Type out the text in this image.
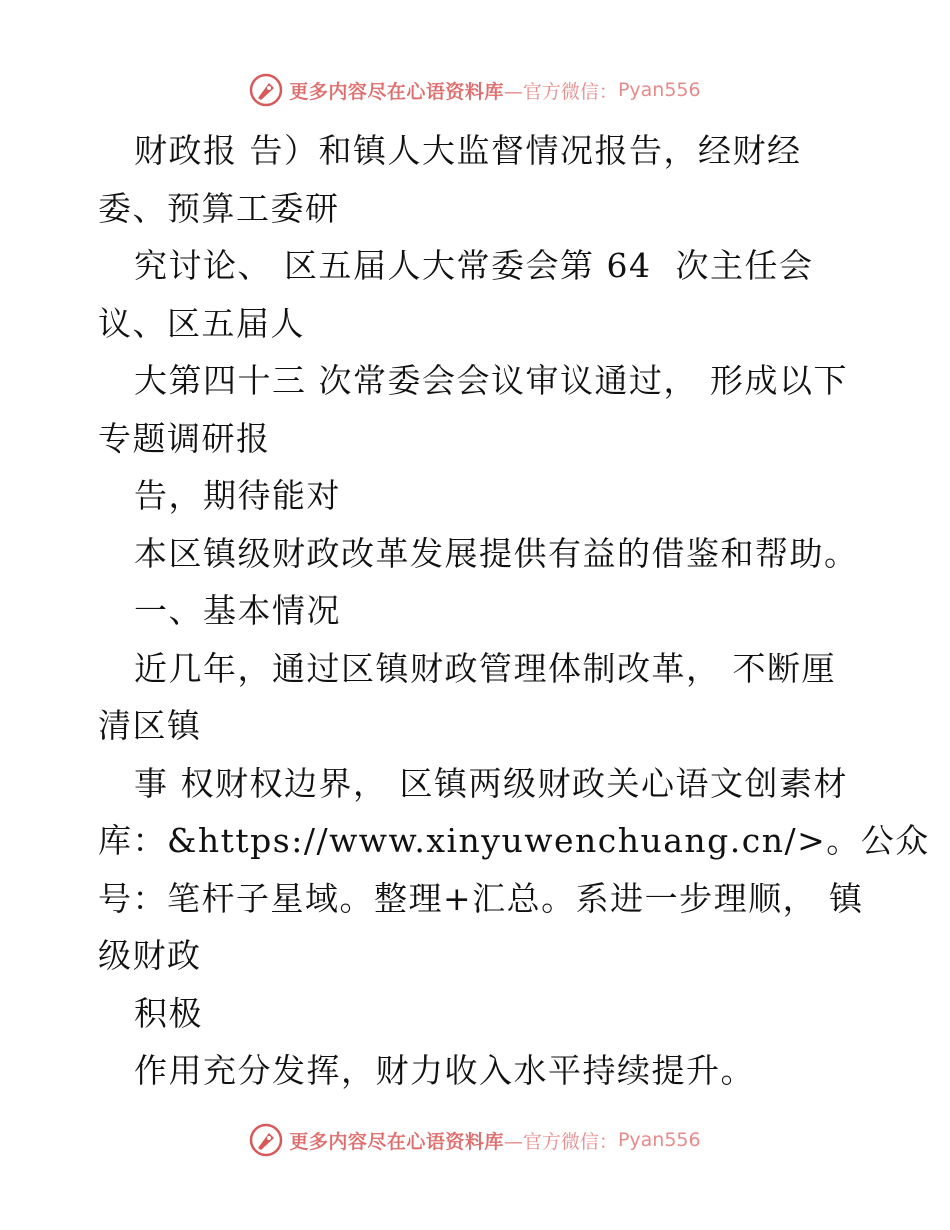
更多内容尽在心语资料库 —官方微信： Pyan556
财政报 告）和镇人大监督情况报告，经财经
委、预算工委研
究讨论、 区五届人大常委会第 64  次主任会
议、区五届人
大第四十三 次常委会会议审议通过， 形成以下
专题调研报
告，期待能对
本区镇级财政改革发展提供有益的借鉴和帮助。
一、基本情况
近几年，通过区镇财政管理体制改革， 不断厘
清区镇
事 权财权边界， 区镇两级财政关心语文创素材
库：&https://www.xinyuwenchuang.cn/>。公众
号：笔杆子星域。整理+汇总。系进一步理顺， 镇
级财政
积极
作用充分发挥，财力收入水平持续提升。
更多内容尽在心语资料库 —官方微信： Pyan556
